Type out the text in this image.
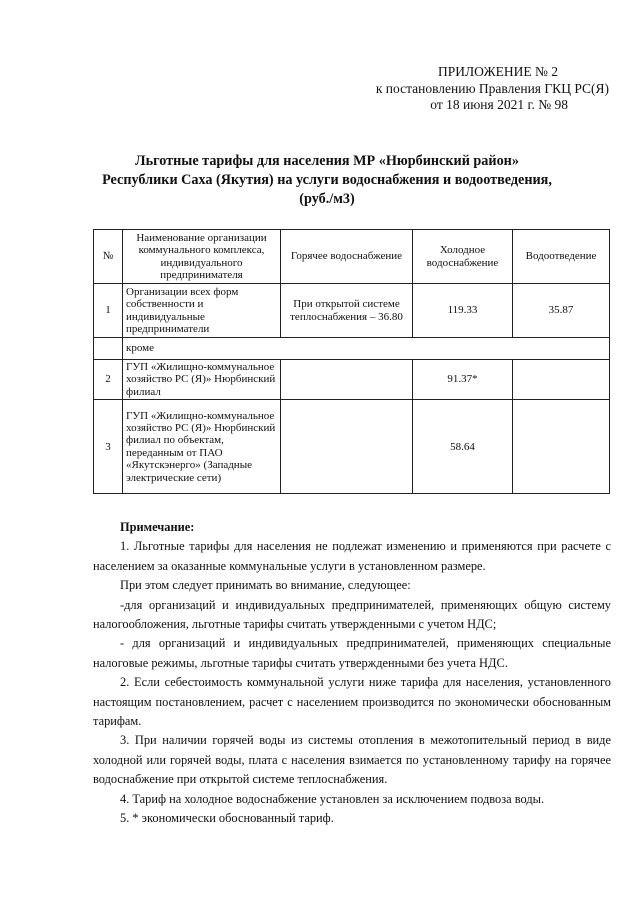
ПРИЛОЖЕНИЕ № 2
к постановлению Правления ГКЦ РС(Я)
от 18 июня 2021 г. № 98
Льготные тарифы для населения МР «Нюрбинский район»
Республики Саха (Якутия) на услуги водоснабжения и водоотведения,
(руб./м3)
№	Наименование организации коммунального комплекса, индивидуального предпринимателя	Горячее водоснабжение	Холодное водоснабжение	Водоотведение
1	Организации всех форм собственности и индивидуальные предприниматели	При открытой системе теплоснабжения – 36.80	119.33	35.87
	кроме			
2	ГУП «Жилищно-коммунальное хозяйство РС (Я)» Нюрбинский филиал		91.37*	
3	ГУП «Жилищно-коммунальное хозяйство РС (Я)» Нюрбинский филиал по объектам, переданным от ПАО «Якутскэнерго» (Западные электрические сети)		58.64	

Примечание:

1. Льготные тарифы для населения не подлежат изменению и применяются при расчете с населением за оказанные коммунальные услуги в установленном размере.

При этом следует принимать во внимание, следующее:

-для организаций и индивидуальных предпринимателей, применяющих общую систему налогообложения, льготные тарифы считать утвержденными с учетом НДС;

- для организаций и индивидуальных предпринимателей, применяющих специальные налоговые режимы, льготные тарифы считать утвержденными без учета НДС.

2. Если себестоимость коммунальной услуги ниже тарифа для населения, установленного настоящим постановлением, расчет с населением производится по экономически обоснованным тарифам.

3. При наличии горячей воды из системы отопления в межотопительный период в виде холодной или горячей воды, плата с населения взимается по установленному тарифу на горячее водоснабжение при открытой системе теплоснабжения.

4. Тариф на холодное водоснабжение установлен за исключением подвоза воды.

5. * экономически обоснованный тариф.
